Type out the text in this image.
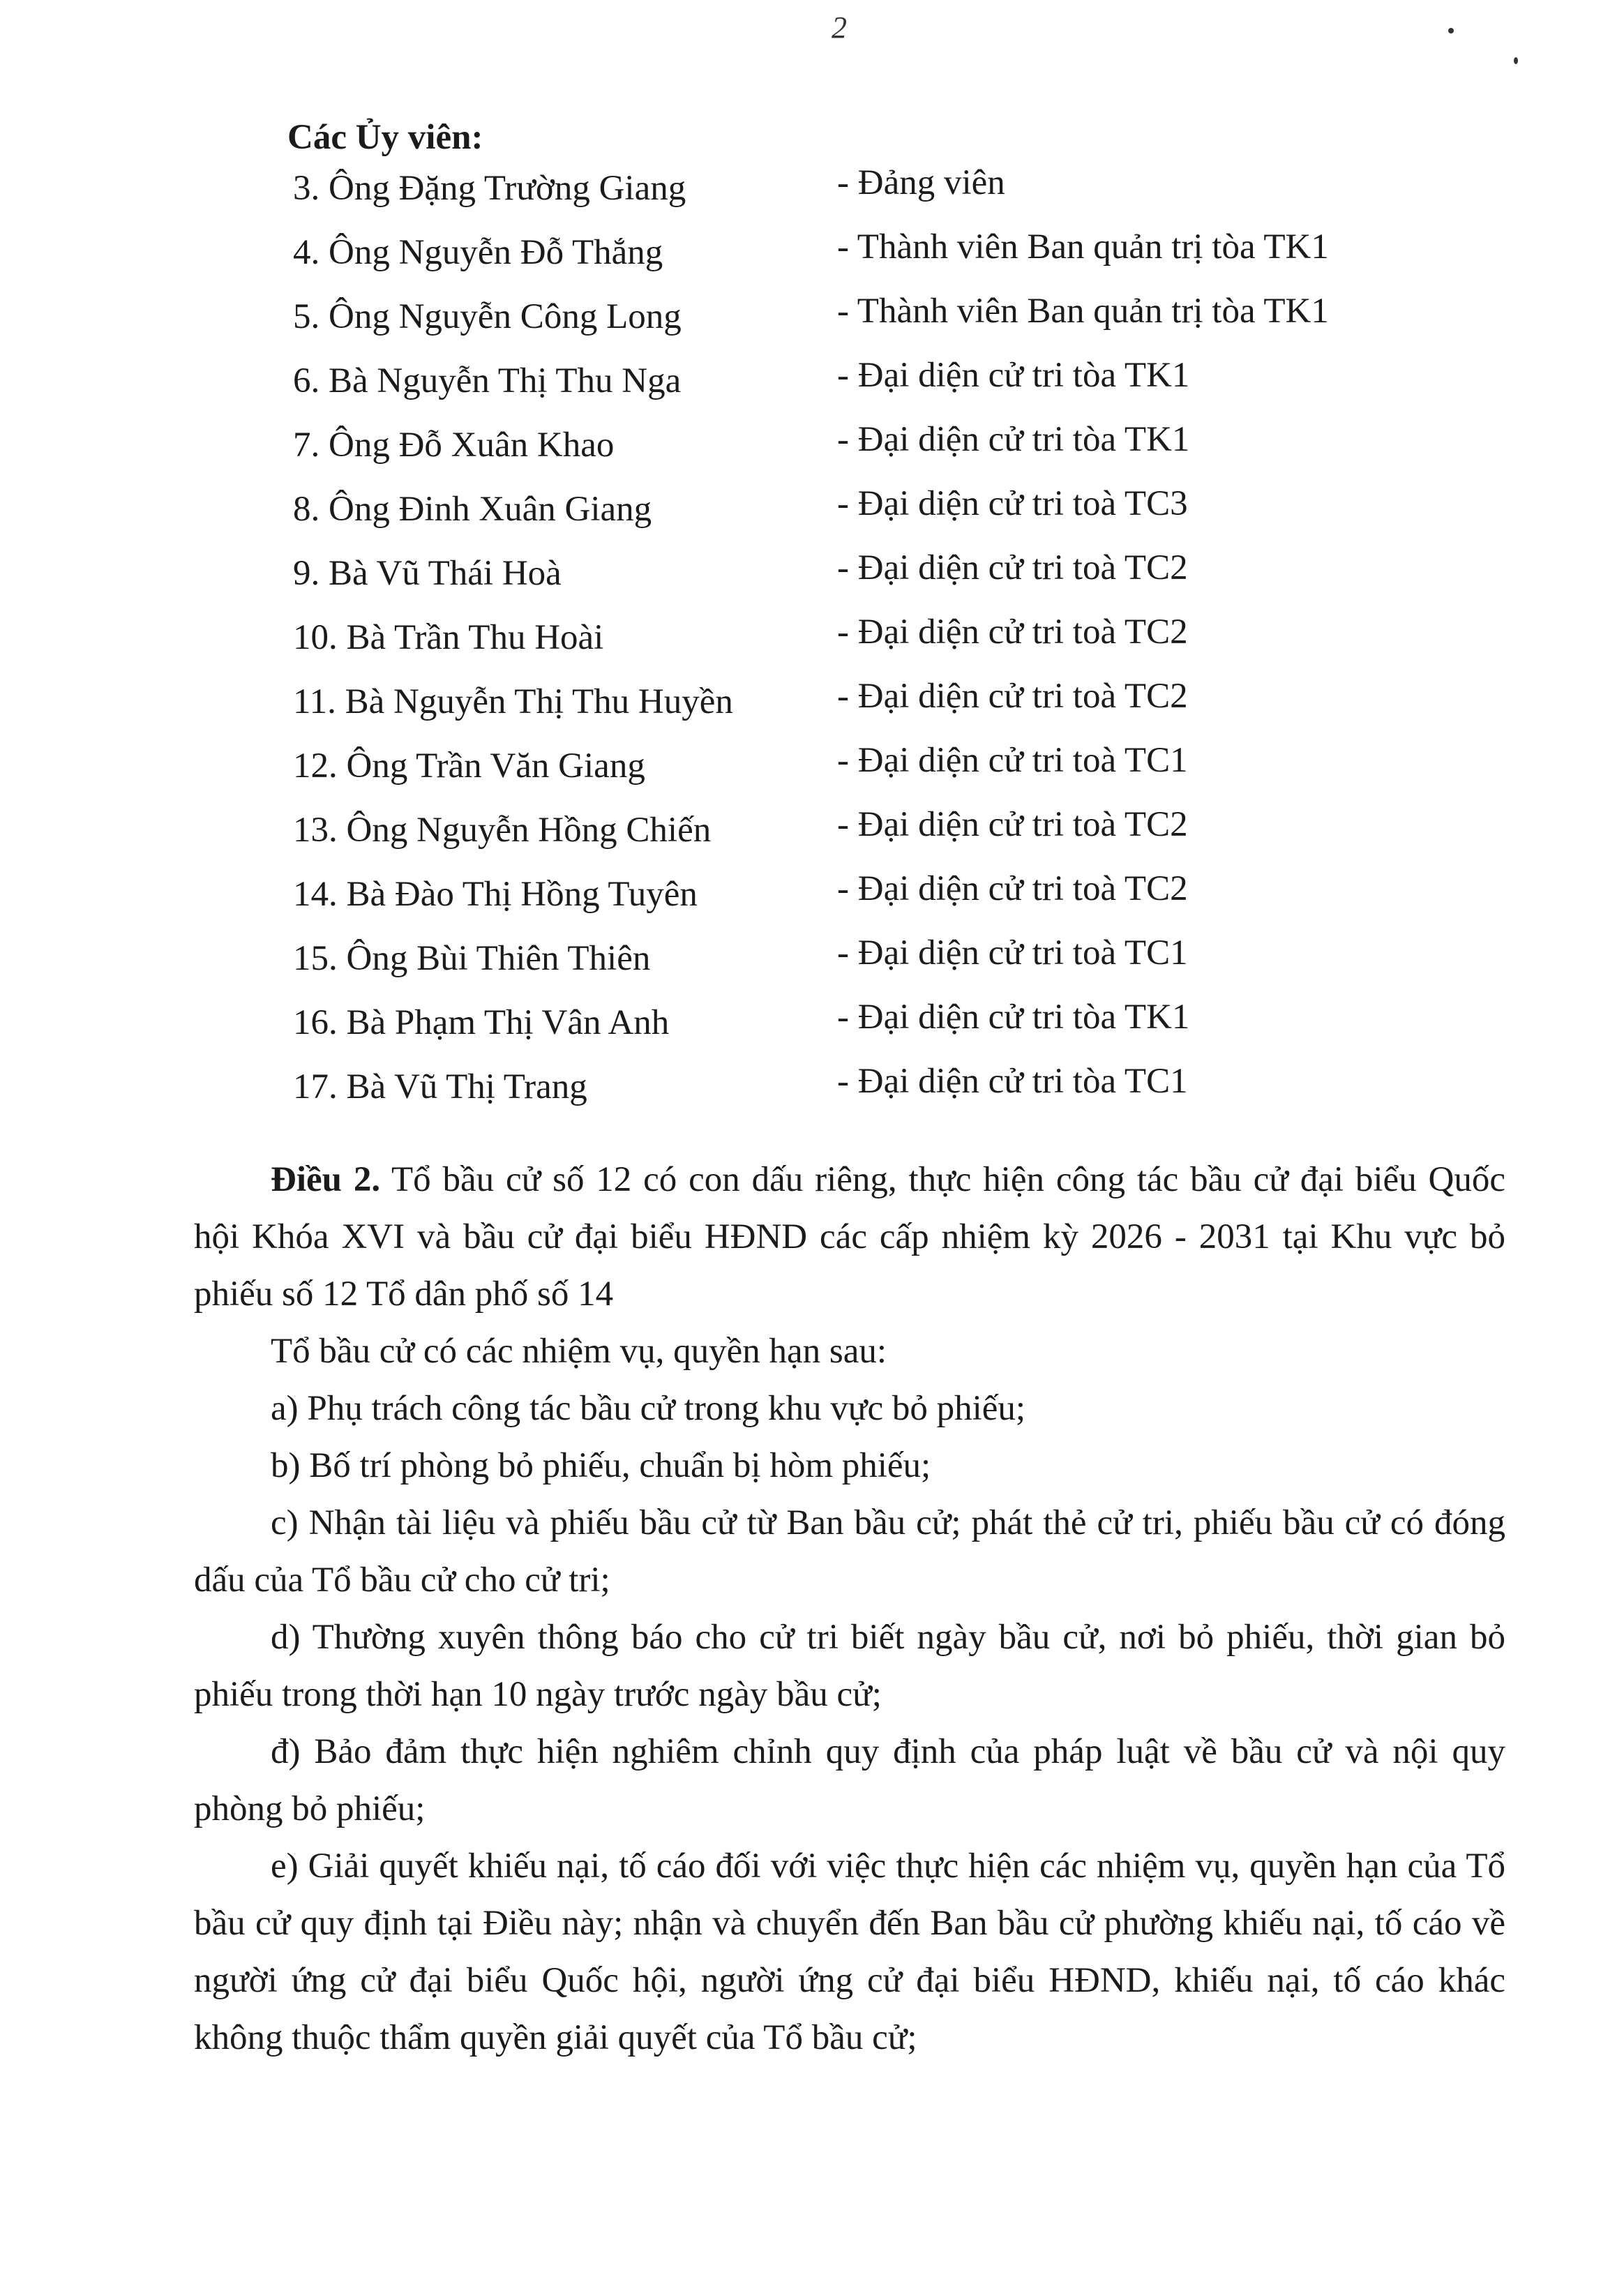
2
Các Ủy viên:
3. Ông Đặng Trường Giang	- Đảng viên
4. Ông Nguyễn Đỗ Thắng	- Thành viên Ban quản trị tòa TK1
5. Ông Nguyễn Công Long	- Thành viên Ban quản trị tòa TK1
6. Bà Nguyễn Thị Thu Nga	- Đại diện cử tri tòa TK1
7. Ông Đỗ Xuân Khao	- Đại diện cử tri tòa TK1
8. Ông Đinh Xuân Giang	- Đại diện cử tri toà TC3
9. Bà Vũ Thái Hoà	- Đại diện cử tri toà TC2
10. Bà Trần Thu Hoài	- Đại diện cử tri toà TC2
11. Bà Nguyễn Thị Thu Huyền	- Đại diện cử tri toà TC2
12. Ông Trần Văn Giang	- Đại diện cử tri toà TC1
13. Ông Nguyễn Hồng Chiến	- Đại diện cử tri toà TC2
14. Bà Đào Thị Hồng Tuyên	- Đại diện cử tri toà TC2
15. Ông Bùi Thiên Thiên	- Đại diện cử tri toà TC1
16. Bà Phạm Thị Vân Anh	- Đại diện cử tri tòa TK1
17. Bà Vũ Thị Trang	- Đại diện cử tri tòa TC1

Điều 2. Tổ bầu cử số 12 có con dấu riêng, thực hiện công tác bầu cử đại biểu Quốc hội Khóa XVI và bầu cử đại biểu HĐND các cấp nhiệm kỳ 2026 - 2031 tại Khu vực bỏ phiếu số 12 Tổ dân phố số 14

Tổ bầu cử có các nhiệm vụ, quyền hạn sau:

a) Phụ trách công tác bầu cử trong khu vực bỏ phiếu;

b) Bố trí phòng bỏ phiếu, chuẩn bị hòm phiếu;

c) Nhận tài liệu và phiếu bầu cử từ Ban bầu cử; phát thẻ cử tri, phiếu bầu cử có đóng dấu của Tổ bầu cử cho cử tri;

d) Thường xuyên thông báo cho cử tri biết ngày bầu cử, nơi bỏ phiếu, thời gian bỏ phiếu trong thời hạn 10 ngày trước ngày bầu cử;

đ) Bảo đảm thực hiện nghiêm chỉnh quy định của pháp luật về bầu cử và nội quy phòng bỏ phiếu;

e) Giải quyết khiếu nại, tố cáo đối với việc thực hiện các nhiệm vụ, quyền hạn của Tổ bầu cử quy định tại Điều này; nhận và chuyển đến Ban bầu cử phường khiếu nại, tố cáo về người ứng cử đại biểu Quốc hội, người ứng cử đại biểu HĐND, khiếu nại, tố cáo khác không thuộc thẩm quyền giải quyết của Tổ bầu cử;
